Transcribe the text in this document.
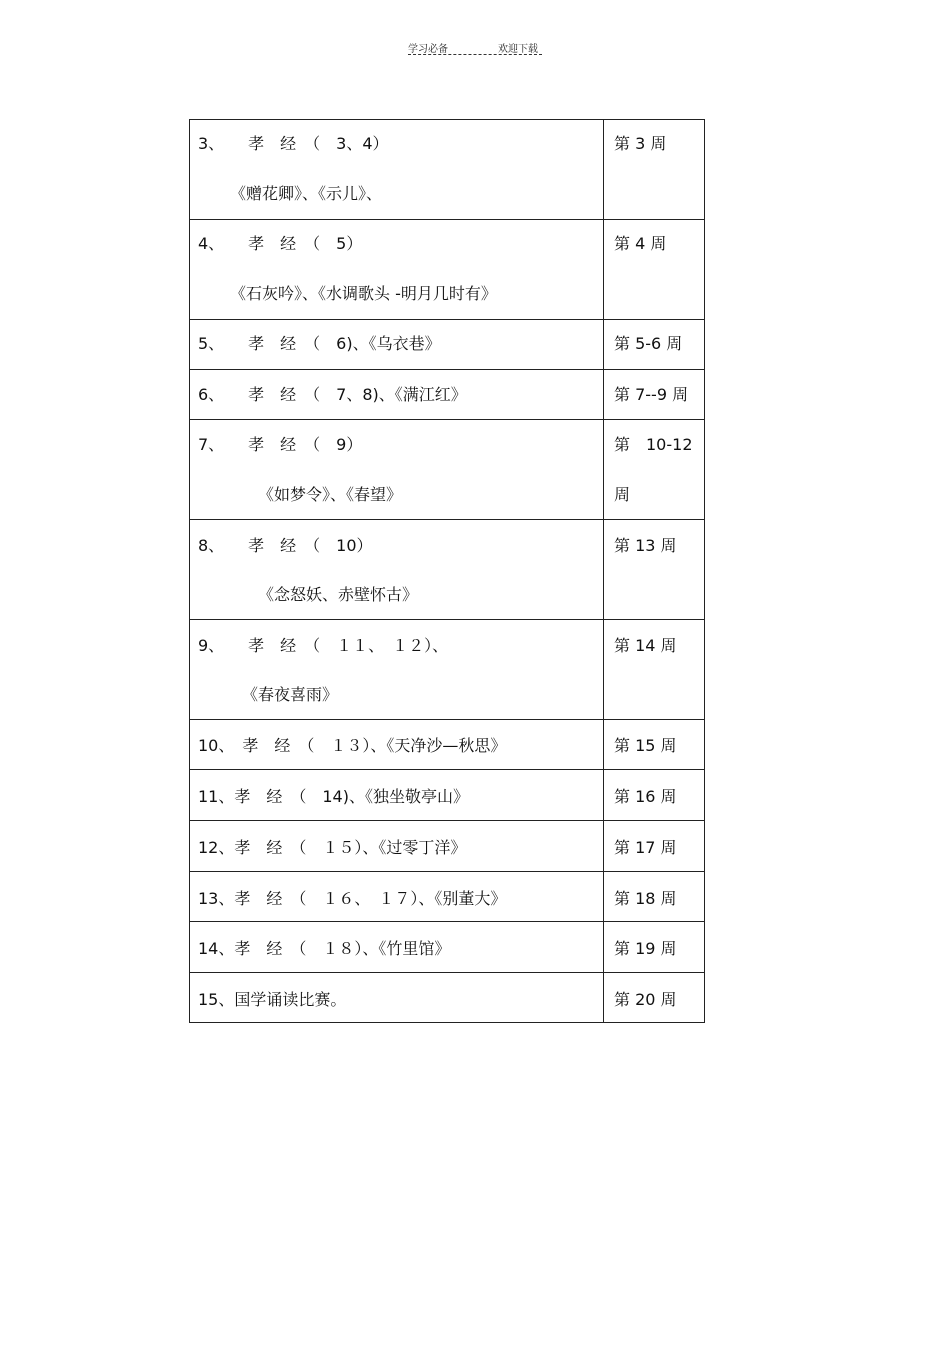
学习必备	欢迎下载
3、　　孝　经　（　3、4）
《赠花卿》、《示儿》、	第 3 周

4、　　孝　经　（　5）
《石灰吟》、《水调歌头 -明月几时有》	第 4 周

5、　　孝　经　（　6)、《乌衣巷》	第 5-6 周

6、　　孝　经　（　7、8)、《满江红》	第 7--9 周

7、　　孝　经　（　9）
《如梦令》、《春望》	第　10-12
周

8、　　孝　经　（　10）
《念怒妖、赤壁怀古》	第 13 周

9、　　孝　经　（　１１、　１２）、
《春夜喜雨》	第 14 周

10、　孝　经　（　１３）、《天净沙—秋思》	第 15 周

11、孝　经　（　14)、《独坐敬亭山》	第 16 周

12、孝　经　（　１５）、《过零丁洋》	第 17 周

13、孝　经　（　１６、　１７）、《别董大》	第 18 周

14、孝　经　（　１８）、《竹里馆》	第 19 周

15、国学诵读比赛。	第 20 周
